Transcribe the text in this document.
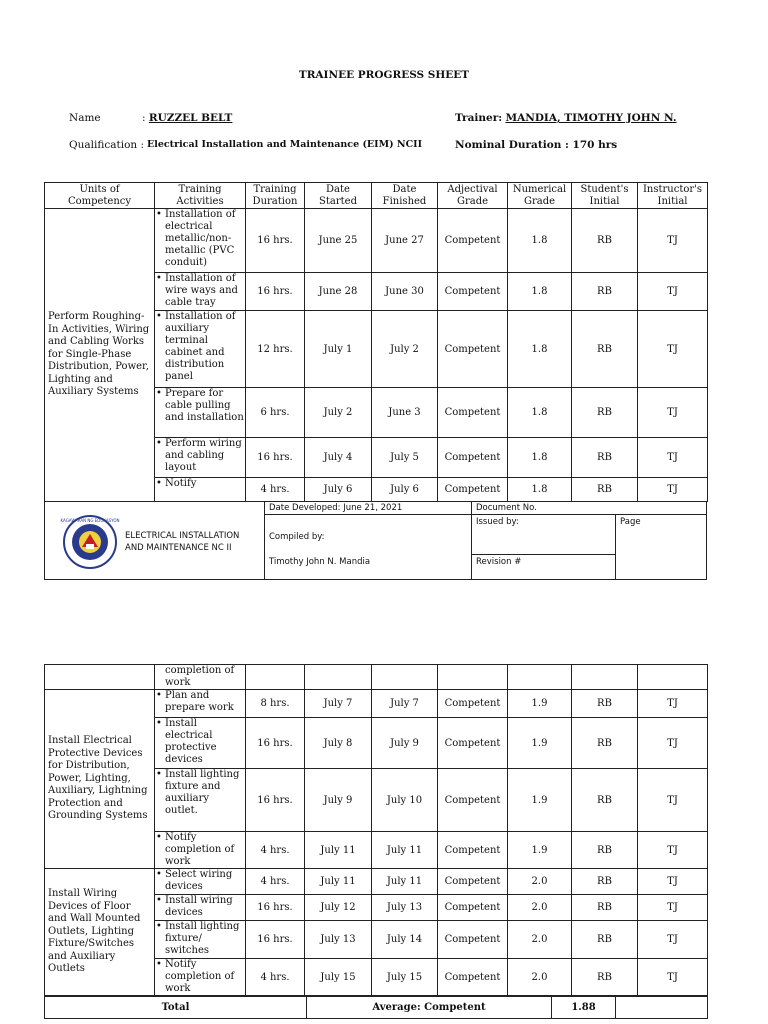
TRAINEE PROGRESS SHEET
Name	: RUZZEL BELT	Trainer: MANDIA, TIMOTHY JOHN N.
Qualification : Electrical Installation and Maintenance (EIM) NCII	Nominal Duration : 170 hrs
Units of Competency	Training Activities	Training Duration	Date Started	Date Finished	Adjectival Grade	Numerical Grade	Student's Initial	Instructor's Initial
Perform Roughing-In Activities, Wiring and Cabling Works for Single-Phase Distribution, Power, Lighting and Auxiliary Systems	• Installation of electrical metallic/non-metallic (PVC conduit)	16 hrs.	June 25	June 27	Competent	1.8	RB	TJ

	• Installation of wire ways and cable tray	16 hrs.	June 28	June 30	Competent	1.8	RB	TJ

	• Installation of auxiliary terminal cabinet and distribution panel	12 hrs.	July 1	July 2	Competent	1.8	RB	TJ

	• Prepare for cable pulling and installation	6 hrs.	July 2	June 3	Competent	1.8	RB	TJ

	• Perform wiring and cabling layout	16 hrs.	July 4	July 5	Competent	1.8	RB	TJ

	• Notify	4 hrs.	July 6	July 6	Competent	1.8	RB	TJ
KAGAWARAN NG EDUKASYON
ELECTRICAL INSTALLATION AND MAINTENANCE NC II
Date Developed: June 21, 2021
Compiled by:
Timothy John N. Mandia
Document No.
Issued by:
Revision #
Page

	completion of work							

Install Electrical Protective Devices for Distribution, Power, Lighting, Auxiliary, Lightning Protection and Grounding Systems	• Plan and prepare work	8 hrs.	July 7	July 7	Competent	1.9	RB	TJ

	• Install electrical protective devices	16 hrs.	July 8	July 9	Competent	1.9	RB	TJ

	• Install lighting fixture and auxiliary outlet.	16 hrs.	July 9	July 10	Competent	1.9	RB	TJ

	• Notify completion of work	4 hrs.	July 11	July 11	Competent	1.9	RB	TJ
Install Wiring Devices of Floor and Wall Mounted Outlets, Lighting Fixture/Switches and Auxiliary Outlets	• Select wiring devices	4 hrs.	July 11	July 11	Competent	2.0	RB	TJ

	• Install wiring devices	16 hrs.	July 12	July 13	Competent	2.0	RB	TJ

	• Install lighting fixture/ switches	16 hrs.	July 13	July 14	Competent	2.0	RB	TJ

	• Notify completion of work	4 hrs.	July 15	July 15	Competent	2.0	RB	TJ
Total	Average: Competent	1.88	
